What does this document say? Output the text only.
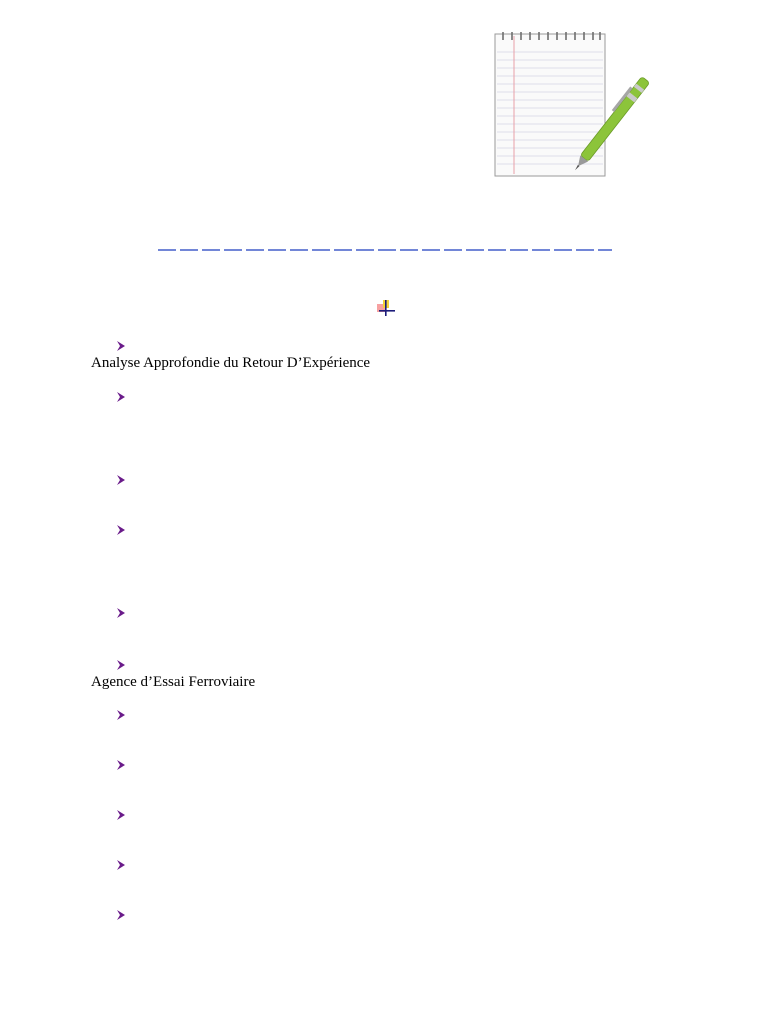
Analyse Approfondie du Retour D’Expérience
Agence d’Essai Ferroviaire
